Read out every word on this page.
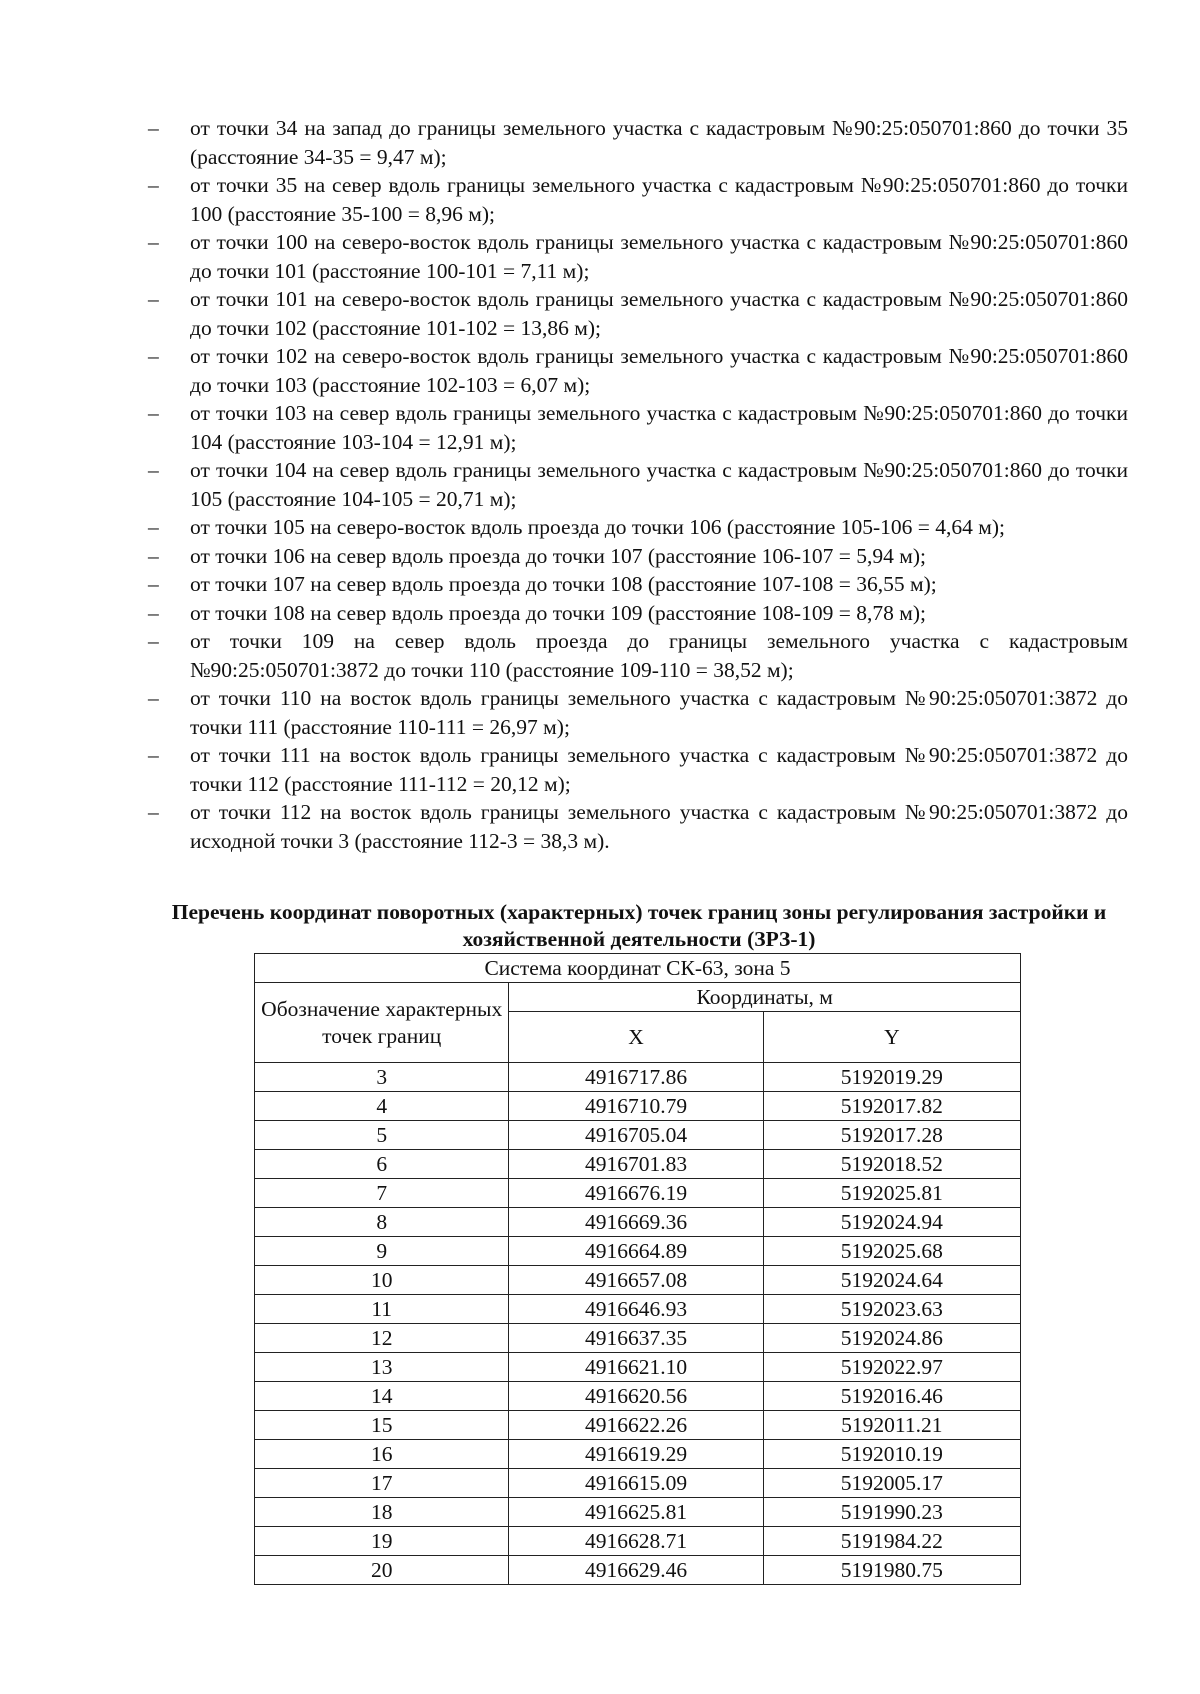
–	от точки 34 на запад до границы земельного участка с кадастровым №90:25:050701:860 до точки 35 (расстояние 34-35 = 9,47 м);
–	от точки 35 на север вдоль границы земельного участка с кадастровым №90:25:050701:860 до точки 100 (расстояние 35-100 = 8,96 м);
–	от точки 100 на северо-восток вдоль границы земельного участка с кадастровым №90:25:050701:860 до точки 101 (расстояние 100-101 = 7,11 м);
–	от точки 101 на северо-восток вдоль границы земельного участка с кадастровым №90:25:050701:860 до точки 102 (расстояние 101-102 = 13,86 м);
–	от точки 102 на северо-восток вдоль границы земельного участка с кадастровым №90:25:050701:860 до точки 103 (расстояние 102-103 = 6,07 м);
–	от точки 103 на север вдоль границы земельного участка с кадастровым №90:25:050701:860 до точки 104 (расстояние 103-104 = 12,91 м);
–	от точки 104 на север вдоль границы земельного участка с кадастровым №90:25:050701:860 до точки 105 (расстояние 104-105 = 20,71 м);
–	от точки 105 на северо-восток вдоль проезда до точки 106 (расстояние 105-106 = 4,64 м);
–	от точки 106 на север вдоль проезда до точки 107 (расстояние 106-107 = 5,94 м);
–	от точки 107 на север вдоль проезда до точки 108 (расстояние 107-108 = 36,55 м);
–	от точки 108 на север вдоль проезда до точки 109 (расстояние 108-109 = 8,78 м);
–	от точки 109 на север вдоль проезда до границы земельного участка с кадастровым №90:25:050701:3872 до точки 110 (расстояние 109-110 = 38,52 м);
–	от точки 110 на восток вдоль границы земельного участка с кадастровым №90:25:050701:3872 до точки 111 (расстояние 110-111 = 26,97 м);
–	от точки 111 на восток вдоль границы земельного участка с кадастровым №90:25:050701:3872 до точки 112 (расстояние 111-112 = 20,12 м);
–	от точки 112 на восток вдоль границы земельного участка с кадастровым №90:25:050701:3872 до исходной точки 3 (расстояние 112-3 = 38,3 м).
Перечень координат поворотных (характерных) точек границ зоны регулирования застройки и хозяйственной деятельности (ЗРЗ-1)
Система координат СК-63, зона 5		
Обозначение характерных точек границ	Координаты, м	
	X	Y
3	4916717.86	5192019.29
4	4916710.79	5192017.82
5	4916705.04	5192017.28
6	4916701.83	5192018.52
7	4916676.19	5192025.81
8	4916669.36	5192024.94
9	4916664.89	5192025.68
10	4916657.08	5192024.64
11	4916646.93	5192023.63
12	4916637.35	5192024.86
13	4916621.10	5192022.97
14	4916620.56	5192016.46
15	4916622.26	5192011.21
16	4916619.29	5192010.19
17	4916615.09	5192005.17
18	4916625.81	5191990.23
19	4916628.71	5191984.22
20	4916629.46	5191980.75
